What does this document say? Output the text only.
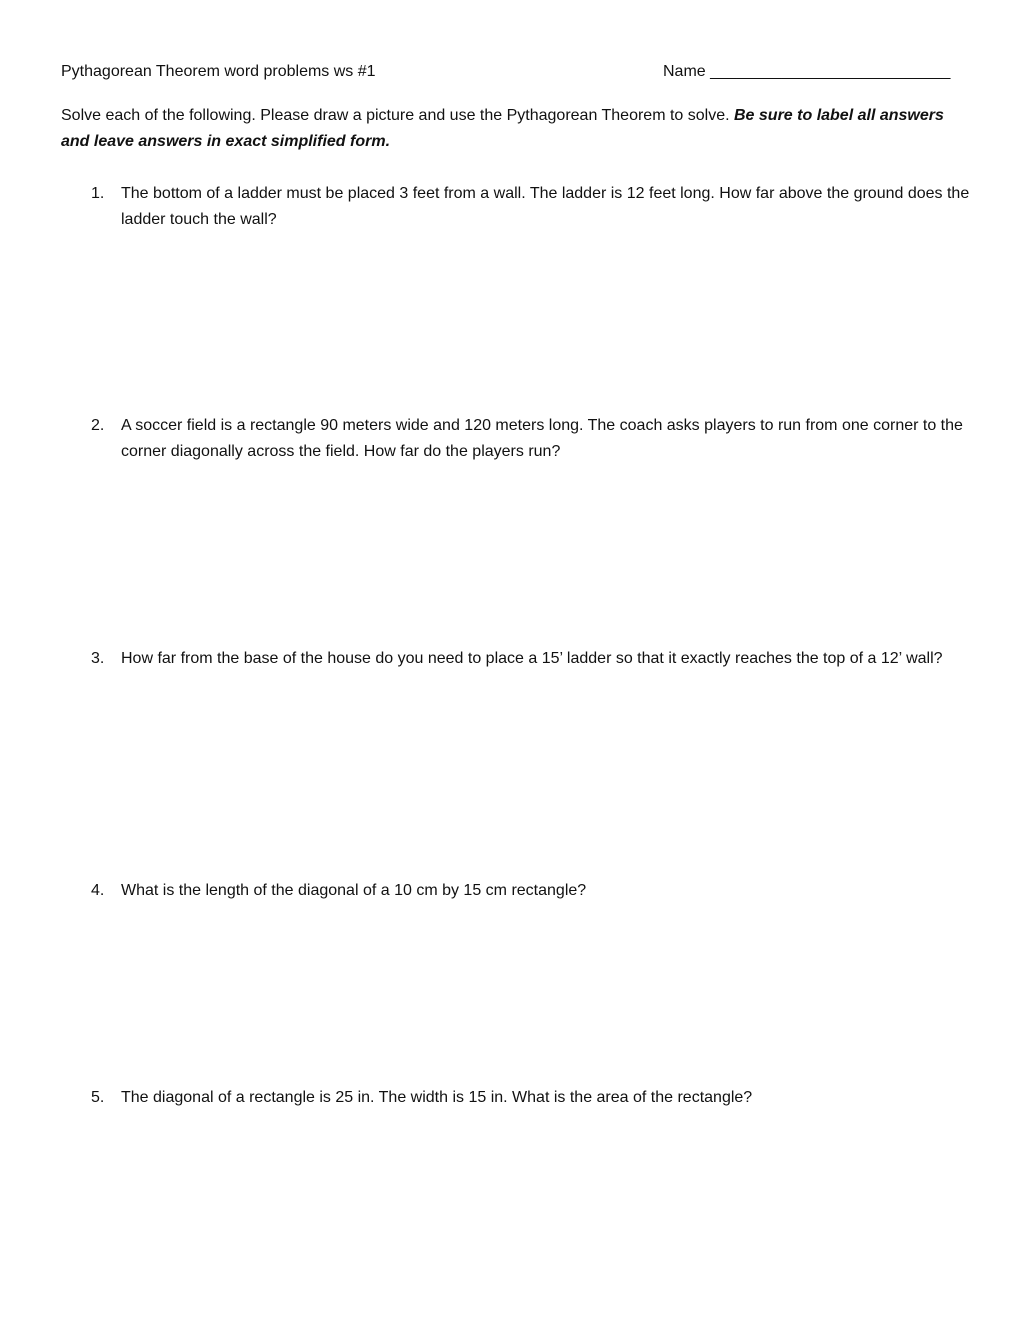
Pythagorean Theorem word problems ws #1	Name ___________________________
Solve each of the following. Please draw a picture and use the Pythagorean Theorem to solve. Be sure to label all answers and leave answers in exact simplified form.
1.	The bottom of a ladder must be placed 3 feet from a wall. The ladder is 12 feet long. How far above the ground does the ladder touch the wall?
2.	A soccer field is a rectangle 90 meters wide and 120 meters long. The coach asks players to run from one corner to the corner diagonally across the field. How far do the players run?
3.	How far from the base of the house do you need to place a 15’ ladder so that it exactly reaches the top of a 12’ wall?
4.	What is the length of the diagonal of a 10 cm by 15 cm rectangle?
5.	The diagonal of a rectangle is 25 in. The width is 15 in. What is the area of the rectangle?
